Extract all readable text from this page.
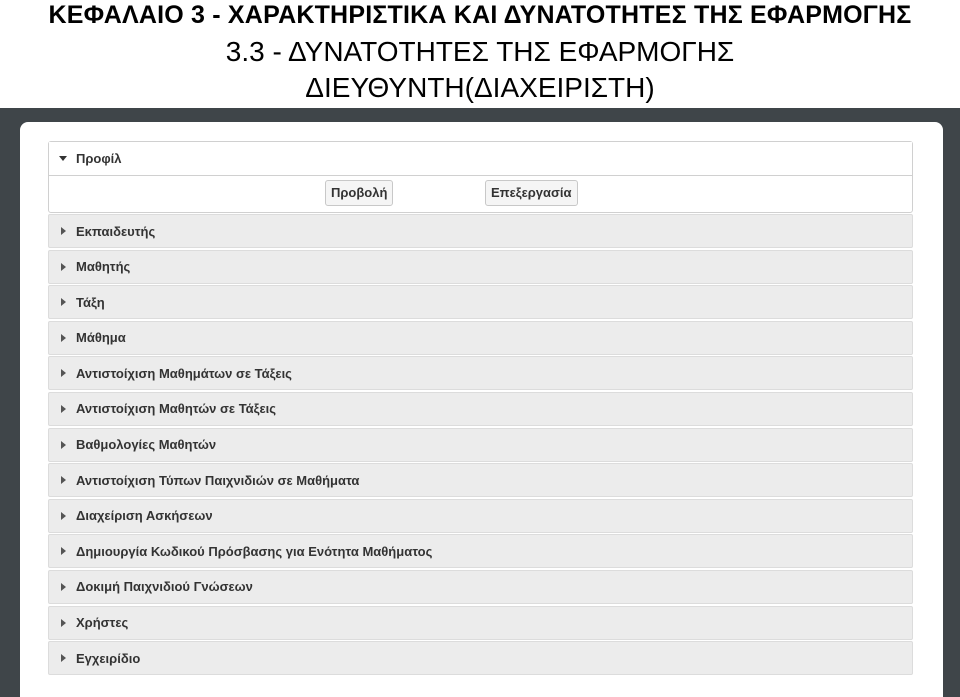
ΚΕΦΑΛΑΙΟ 3 - ΧΑΡΑΚΤΗΡΙΣΤΙΚΑ ΚΑΙ ΔΥΝΑΤΟΤΗΤΕΣ ΤΗΣ ΕΦΑΡΜΟΓΗΣ
3.3 - ΔΥΝΑΤΟΤΗΤΕΣ ΤΗΣ ΕΦΑΡΜΟΓΗΣ
ΔΙΕΥΘΥΝΤΗ(ΔΙΑΧΕΙΡΙΣΤΗ)
Προφίλ
Προβολή	Επεξεργασία
Εκπαιδευτής
Μαθητής
Τάξη
Μάθημα
Αντιστοίχιση Μαθημάτων σε Τάξεις
Αντιστοίχιση Μαθητών σε Τάξεις
Βαθμολογίες Μαθητών
Αντιστοίχιση Τύπων Παιχνιδιών σε Μαθήματα
Διαχείριση Ασκήσεων
Δημιουργία Κωδικού Πρόσβασης για Ενότητα Μαθήματος
Δοκιμή Παιχνιδιού Γνώσεων
Χρήστες
Εγχειρίδιο
